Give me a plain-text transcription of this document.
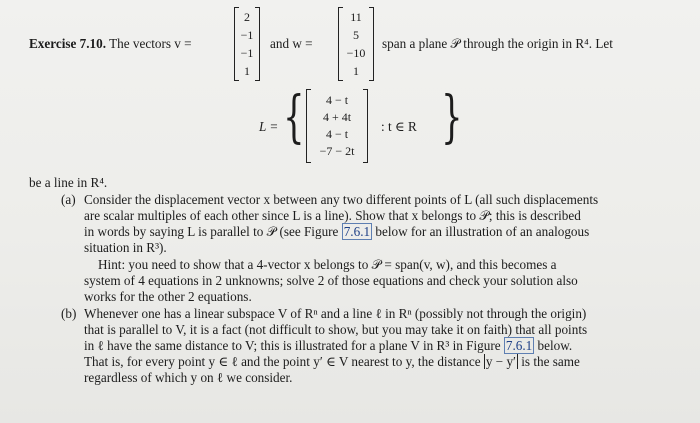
Exercise 7.10. The vectors v =
2
−1
−1
1
and w =
11
5
−10
1
span a plane 𝒫 through the origin in R⁴. Let
L = {	4 − t
4 + 4t
4 − t
−7 − 2t
: t ∈ R }
be a line in R⁴.
(a) Consider the displacement vector x between any two different points of L (all such displacements
are scalar multiples of each other since L is a line). Show that x belongs to 𝒫; this is described
in words by saying L is parallel to 𝒫 (see Figure 7.6.1 below for an illustration of an analogous
situation in R³).
Hint: you need to show that a 4-vector x belongs to 𝒫 = span(v, w), and this becomes a
system of 4 equations in 2 unknowns; solve 2 of those equations and check your solution also
works for the other 2 equations.
(b) Whenever one has a linear subspace V of Rⁿ and a line ℓ in Rⁿ (possibly not through the origin)
that is parallel to V, it is a fact (not difficult to show, but you may take it on faith) that all points
in ℓ have the same distance to V; this is illustrated for a plane V in R³ in Figure 7.6.1 below.
That is, for every point y ∈ ℓ and the point y′ ∈ V nearest to y, the distance y − y′ is the same
regardless of which y on ℓ we consider.
